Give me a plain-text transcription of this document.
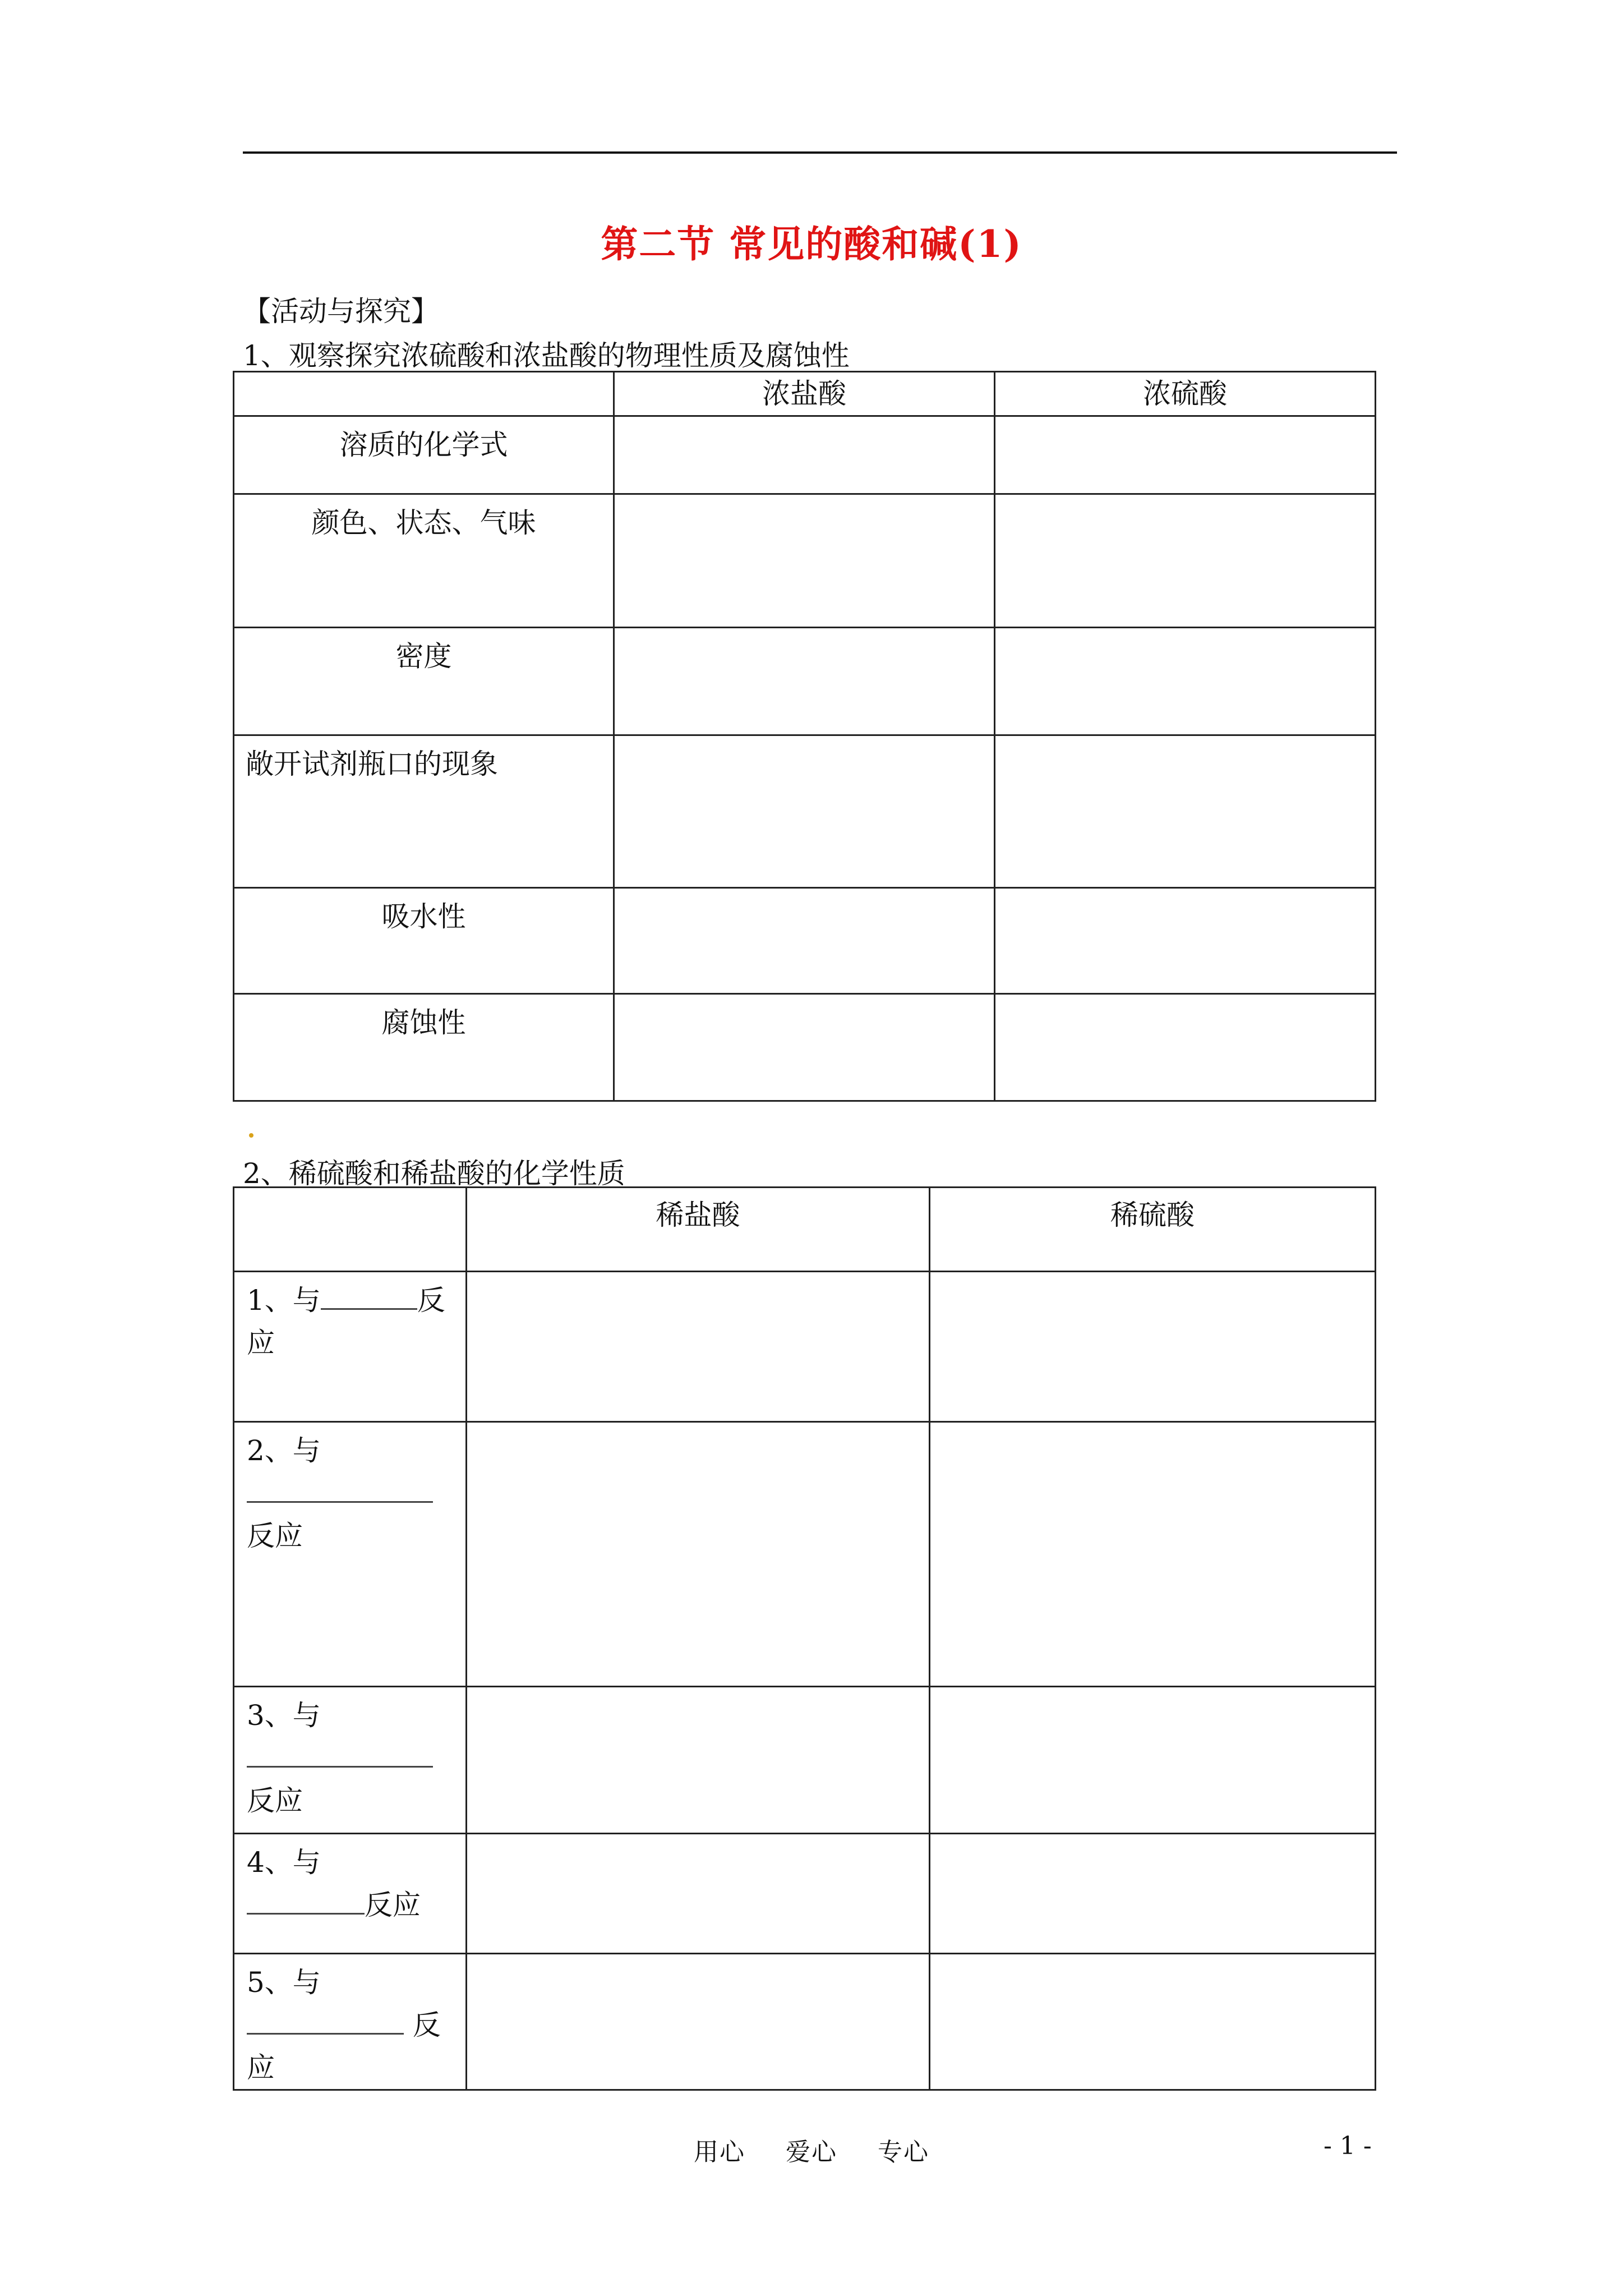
第二节 常见的酸和碱(1)
【活动与探究】
1、观察探究浓硫酸和浓盐酸的物理性质及腐蚀性
	浓盐酸	浓硫酸
溶质的化学式		
颜色、状态、气味		
密度		
敞开试剂瓶口的现象		
吸水性		
腐蚀性		
2、稀硫酸和稀盐酸的化学性质
	稀盐酸	稀硫酸
1、与 反应		
2、与

反应		
3、与

反应		
4、与
反应		
5、与
反应		
用心 爱心 专心	- 1 -
